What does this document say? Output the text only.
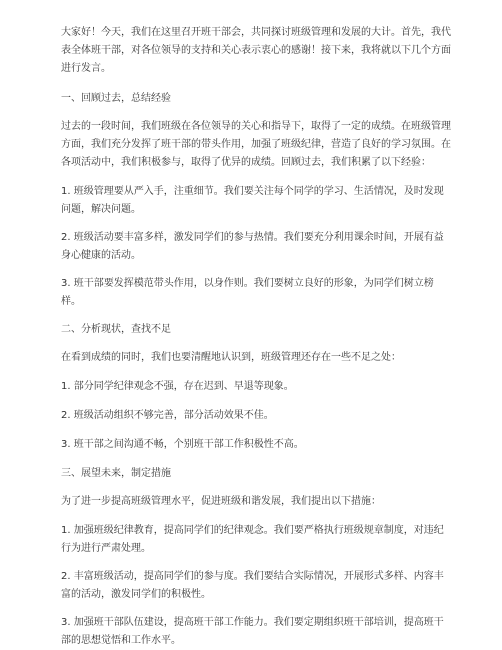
大家好！今天，我们在这里召开班干部会，共同探讨班级管理和发展的大计。首先，我代表全体班干部，对各位领导的支持和关心表示衷心的感谢！接下来，我将就以下几个方面进行发言。

一、回顾过去，总结经验

过去的一段时间，我们班级在各位领导的关心和指导下，取得了一定的成绩。在班级管理方面，我们充分发挥了班干部的带头作用，加强了班级纪律，营造了良好的学习氛围。在各项活动中，我们积极参与，取得了优异的成绩。回顾过去，我们积累了以下经验：

1. 班级管理要从严入手，注重细节。我们要关注每个同学的学习、生活情况，及时发现问题，解决问题。

2. 班级活动要丰富多样，激发同学们的参与热情。我们要充分利用课余时间，开展有益身心健康的活动。

3. 班干部要发挥模范带头作用，以身作则。我们要树立良好的形象，为同学们树立榜样。

二、分析现状，查找不足

在看到成绩的同时，我们也要清醒地认识到，班级管理还存在一些不足之处：

1. 部分同学纪律观念不强，存在迟到、早退等现象。

2. 班级活动组织不够完善，部分活动效果不佳。

3. 班干部之间沟通不畅，个别班干部工作积极性不高。

三、展望未来，制定措施

为了进一步提高班级管理水平，促进班级和谐发展，我们提出以下措施：

1. 加强班级纪律教育，提高同学们的纪律观念。我们要严格执行班级规章制度，对违纪行为进行严肃处理。

2. 丰富班级活动，提高同学们的参与度。我们要结合实际情况，开展形式多样、内容丰富的活动，激发同学们的积极性。

3. 加强班干部队伍建设，提高班干部工作能力。我们要定期组织班干部培训，提高班干部的思想觉悟和工作水平。
